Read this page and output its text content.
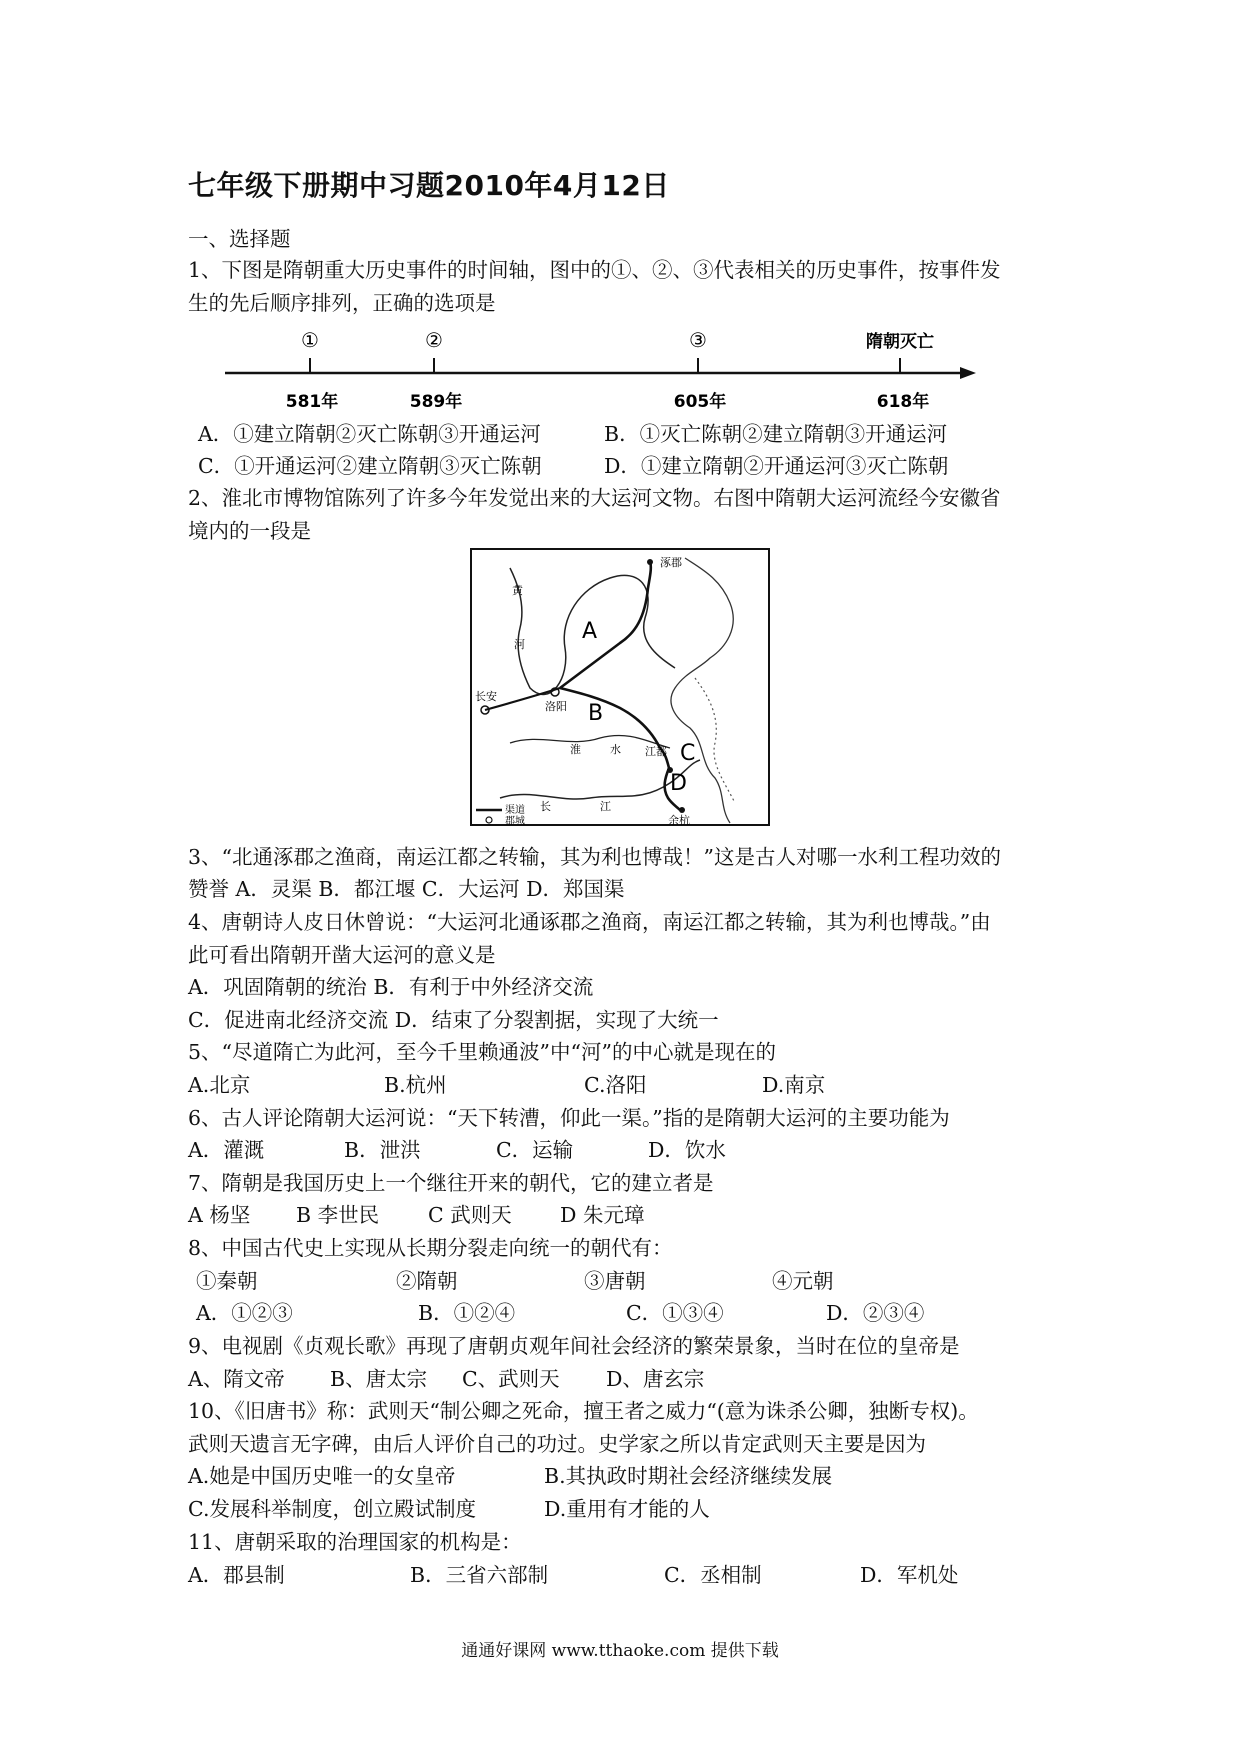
七年级下册期中习题2010年4月12日
一、选择题
1、下图是隋朝重大历史事件的时间轴，图中的①、②、③代表相关的历史事件，按事件发
生的先后顺序排列，正确的选项是
①	②	③	隋朝灭亡
581年	589年	605年	618年
A．①建立隋朝②灭亡陈朝③开通运河	B．①灭亡陈朝②建立隋朝③开通运河
C．①开通运河②建立隋朝③灭亡陈朝	D．①建立隋朝②开通运河③灭亡陈朝
2、淮北市博物馆陈列了许多今年发觉出来的大运河文物。右图中隋朝大运河流经今安徽省
境内的一段是
A
B
C
D
涿郡
长安
洛阳
江都
余杭
黄
河
淮	水
长	江
渠道
郡城
3、“北通涿郡之渔商，南运江都之转输，其为利也博哉！”这是古人对哪一水利工程功效的
赞誉 A．灵渠 B．都江堰 C．大运河 D．郑国渠
4、唐朝诗人皮日休曾说：“大运河北通诼郡之渔商，南运江都之转输，其为利也博哉。”由
此可看出隋朝开凿大运河的意义是
A．巩固隋朝的统治 B．有利于中外经济交流
C．促进南北经济交流 D．结束了分裂割据，实现了大统一
5、“尽道隋亡为此河，至今千里赖通波”中“河”的中心就是现在的
A.北京	B.杭州	C.洛阳	D.南京
6、古人评论隋朝大运河说：“天下转漕，仰此一渠。”指的是隋朝大运河的主要功能为
A．灌溉	B．泄洪	C．运输	D．饮水
7、隋朝是我国历史上一个继往开来的朝代，它的建立者是
A 杨坚 B 李世民 C 武则天 D 朱元璋
8、中国古代史上实现从长期分裂走向统一的朝代有：
①秦朝	②隋朝	③唐朝	④元朝
A．①②③	B．①②④	C．①③④	D．②③④
9、电视剧《贞观长歌》再现了唐朝贞观年间社会经济的繁荣景象，当时在位的皇帝是
A、隋文帝 B、唐太宗 C、武则天 D、唐玄宗
10、《旧唐书》称：武则天“制公卿之死命，擅王者之威力“(意为诛杀公卿，独断专权)。
武则天遗言无字碑，由后人评价自己的功过。史学家之所以肯定武则天主要是因为
A.她是中国历史唯一的女皇帝	B.其执政时期社会经济继续发展
C.发展科举制度，创立殿试制度	D.重用有才能的人
11、唐朝采取的治理国家的机构是：
A．郡县制	B．三省六部制	C．丞相制	D．军机处
通通好课网 www.tthaoke.com 提供下载
